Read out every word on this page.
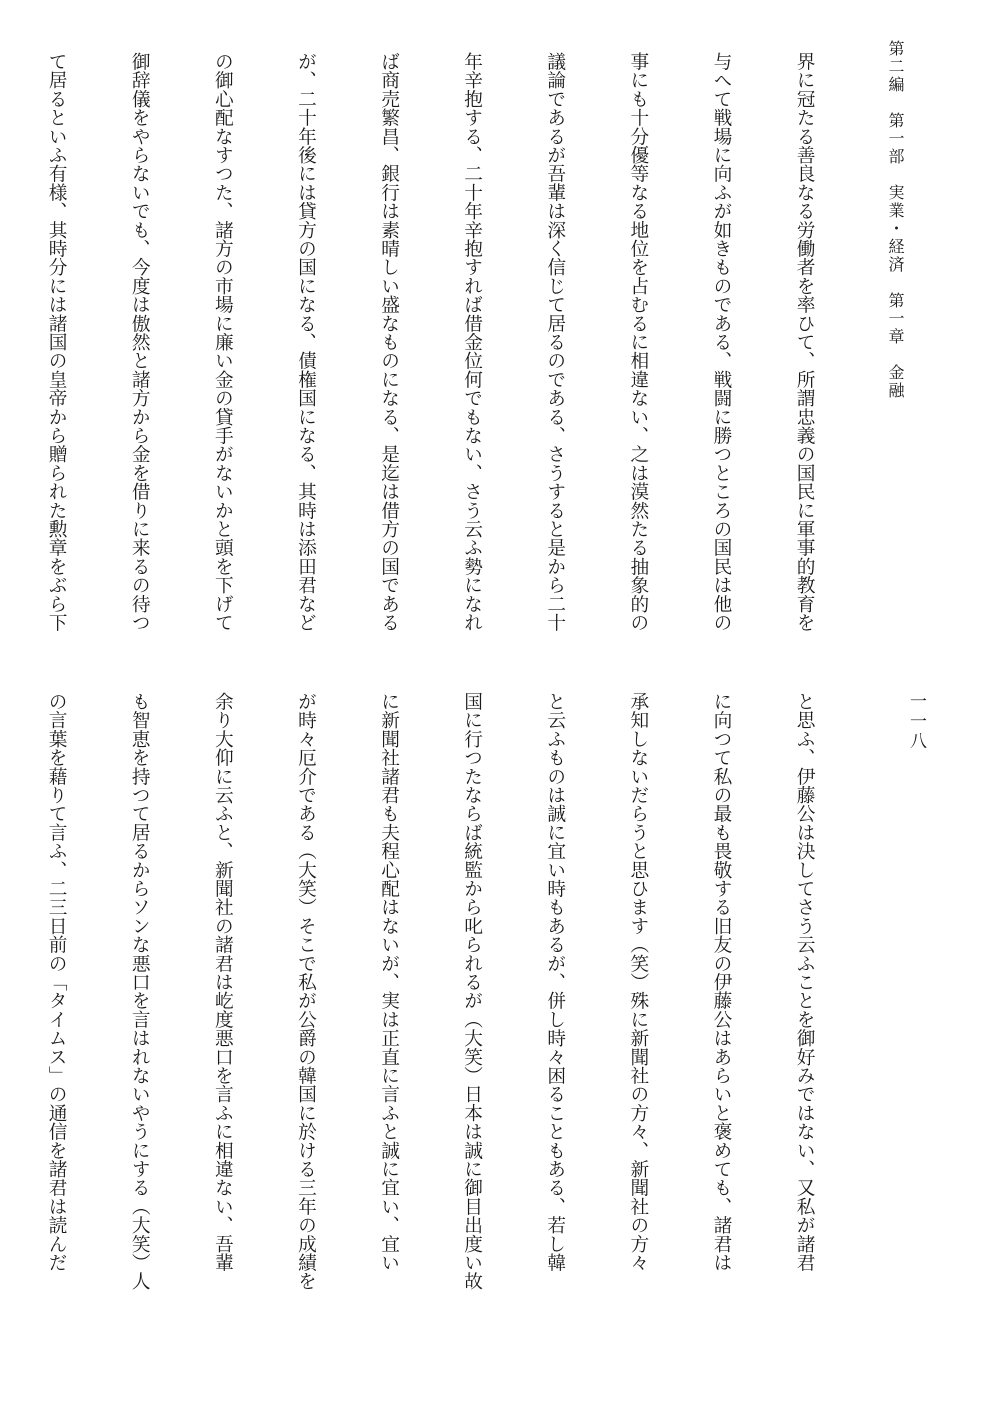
第二編　第一部　実業・経済　第一章　金融
一一八

界に冠たる善良なる労働者を率ひて、所謂忠義の国民に軍事的教育を

与へて戦場に向ふが如きものである、戦闘に勝つところの国民は他の

事にも十分優等なる地位を占むるに相違ない、之は漠然たる抽象的の

議論であるが吾輩は深く信じて居るのである、さうすると是から二十

年辛抱する、二十年辛抱すれば借金位何でもない、さう云ふ勢になれ

ば商売繁昌、銀行は素晴しい盛なものになる、是迄は借方の国である

が、二十年後には貸方の国になる、債権国になる、其時は添田君など

の御心配なすつた、諸方の市場に廉い金の貸手がないかと頭を下げて

御辞儀をやらないでも、今度は傲然と諸方から金を借りに来るの待つ

て居るといふ有様、其時分には諸国の皇帝から贈られた勲章をぶら下

と思ふ、伊藤公は決してさう云ふことを御好みではない、又私が諸君

に向つて私の最も畏敬する旧友の伊藤公はあらいと褒めても、諸君は

承知しないだらうと思ひます（笑）殊に新聞社の方々、新聞社の方々

と云ふものは誠に宜い時もあるが、併し時々困ることもある、若し韓

国に行つたならば統監から叱られるが（大笑）日本は誠に御目出度い故

に新聞社諸君も夫程心配はないが、実は正直に言ふと誠に宜い、宜い

が時々厄介である（大笑）そこで私が公爵の韓国に於ける三年の成績を

余り大仰に云ふと、新聞社の諸君は屹度悪口を言ふに相違ない、吾輩

も智恵を持つて居るからソンな悪口を言はれないやうにする（大笑）人

の言葉を藉りて言ふ、二三日前の「タイムス」の通信を諸君は読んだ
